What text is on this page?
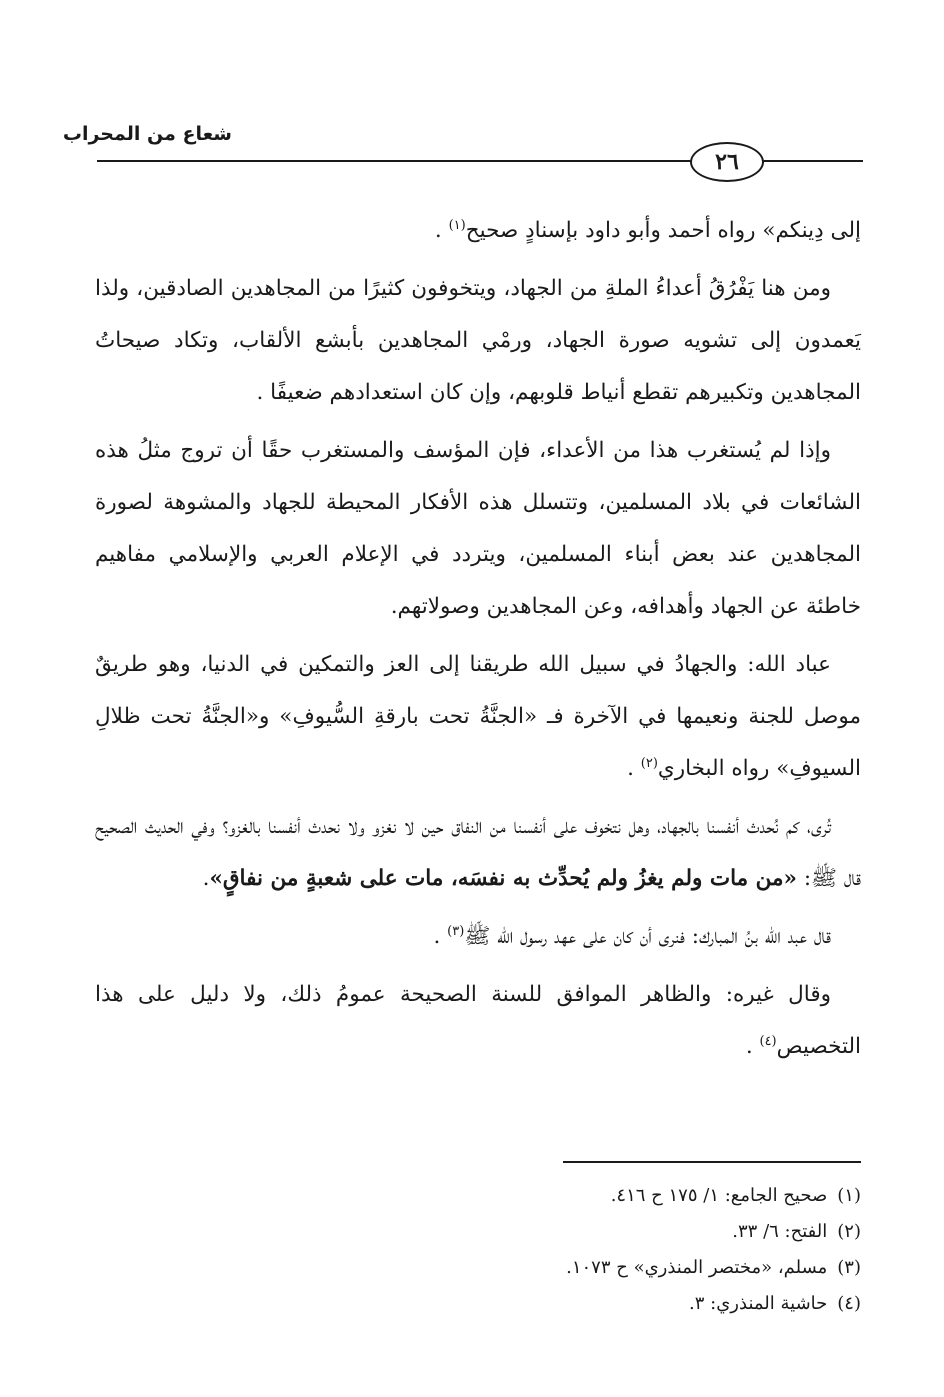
شعاع من المحراب
٢٦

إلى دِينكم» رواه أحمد وأبو داود بإسنادٍ صحيح$^{(١)}$ .

ومن هنا يَفْرُقُ أعداءُ الملةِ من الجهاد، ويتخوفون كثيرًا من المجاهدين الصادقين، ولذا يَعمدون إلى تشويه صورة الجهاد، ورمْي المجاهدين بأبشع الألقاب، وتكاد صيحاتُ المجاهدين وتكبيرهم تقطع أنياط قلوبهم، وإن كان استعدادهم ضعيفًا .

وإذا لم يُستغرب هذا من الأعداء، فإن المؤسف والمستغرب حقًا أن تروج مثلُ هذه الشائعات في بلاد المسلمين، وتتسلل هذه الأفكار المحيطة للجهاد والمشوهة لصورة المجاهدين عند بعض أبناء المسلمين، ويتردد في الإعلام العربي والإسلامي مفاهيم خاطئة عن الجهاد وأهدافه، وعن المجاهدين وصولاتهم.

عباد الله: والجهادُ في سبيل الله طريقنا إلى العز والتمكين في الدنيا، وهو طريقٌ موصل للجنة ونعيمها في الآخرة فـ «الجنَّةُ تحت بارقةِ السُّيوفِ» و«الجنَّةُ تحت ظلالِ السيوفِ» رواه البخاري$^{(٢)}$ .

تُرى، كم نُحدث أنفسنا بالجهاد، وهل نتخوف على أنفسنا من النفاق حين لا نغزو ولا نحدث أنفسنا بالغزو؟ وفي الحديث الصحيح قال ﷺ: «من مات ولم يغزُ ولم يُحدِّث به نفسَه، مات على شعبةٍ من نفاقٍ».

قال عبد الله بنُ المبارك: فنرى أن كان على عهد رسول الله ﷺ$^{(٣)}$ .

وقال غيره: والظاهر الموافق للسنة الصحيحة عمومُ ذلك، ولا دليل على هذا التخصيص$^{(٤)}$ .

(١)صحيح الجامع: ١/ ١٧٥ ح ٤١٦.
(٢)الفتح: ٦/ ٣٣.
(٣)مسلم، «مختصر المنذري» ح ١٠٧٣.
(٤)حاشية المنذري: ٣.
